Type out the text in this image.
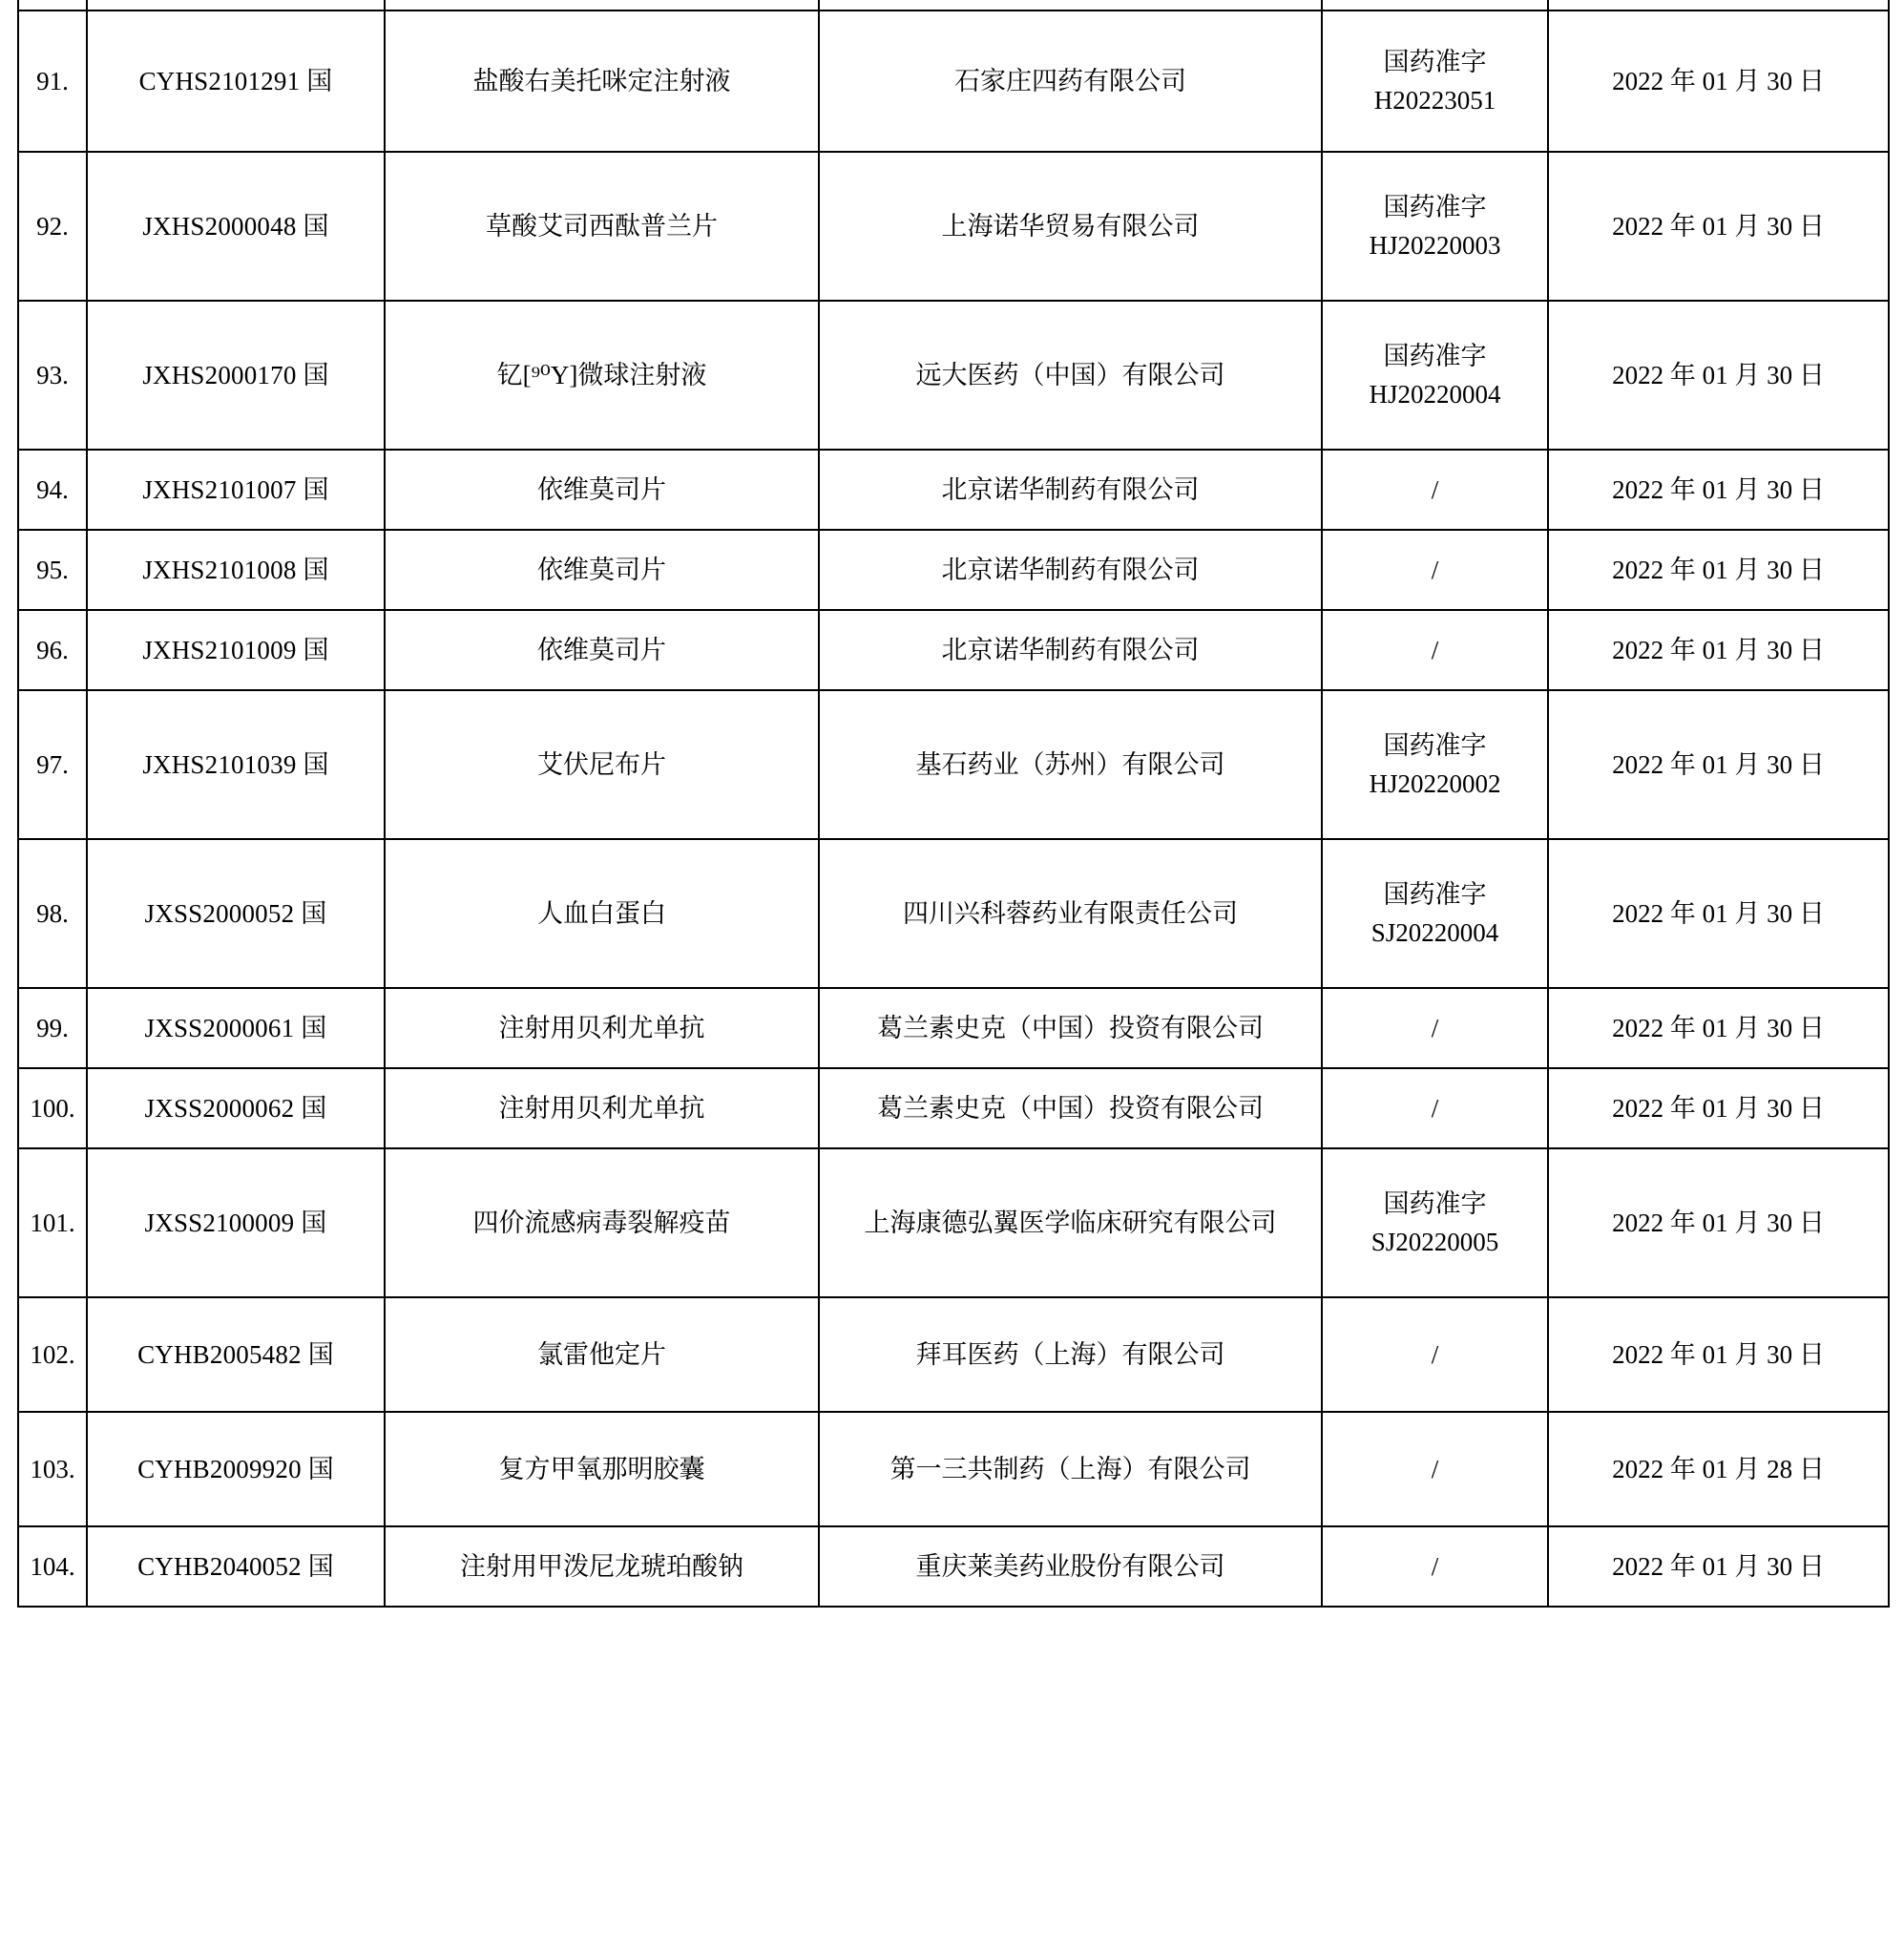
91.	CYHS2101291 国	盐酸右美托咪定注射液	石家庄四药有限公司	国药准字
H20223051	2022 年 01 月 30 日
92.	JXHS2000048 国	草酸艾司西酞普兰片	上海诺华贸易有限公司	国药准字
HJ20220003	2022 年 01 月 30 日
93.	JXHS2000170 国	钇[⁹⁰Y]微球注射液	远大医药（中国）有限公司	国药准字
HJ20220004	2022 年 01 月 30 日
94.	JXHS2101007 国	依维莫司片	北京诺华制药有限公司	/	2022 年 01 月 30 日
95.	JXHS2101008 国	依维莫司片	北京诺华制药有限公司	/	2022 年 01 月 30 日
96.	JXHS2101009 国	依维莫司片	北京诺华制药有限公司	/	2022 年 01 月 30 日
97.	JXHS2101039 国	艾伏尼布片	基石药业（苏州）有限公司	国药准字
HJ20220002	2022 年 01 月 30 日
98.	JXSS2000052 国	人血白蛋白	四川兴科蓉药业有限责任公司	国药准字
SJ20220004	2022 年 01 月 30 日
99.	JXSS2000061 国	注射用贝利尤单抗	葛兰素史克（中国）投资有限公司	/	2022 年 01 月 30 日
100.	JXSS2000062 国	注射用贝利尤单抗	葛兰素史克（中国）投资有限公司	/	2022 年 01 月 30 日
101.	JXSS2100009 国	四价流感病毒裂解疫苗	上海康德弘翼医学临床研究有限公司	国药准字
SJ20220005	2022 年 01 月 30 日
102.	CYHB2005482 国	氯雷他定片	拜耳医药（上海）有限公司	/	2022 年 01 月 30 日
103.	CYHB2009920 国	复方甲氧那明胶囊	第一三共制药（上海）有限公司	/	2022 年 01 月 28 日
104.	CYHB2040052 国	注射用甲泼尼龙琥珀酸钠	重庆莱美药业股份有限公司	/	2022 年 01 月 30 日
